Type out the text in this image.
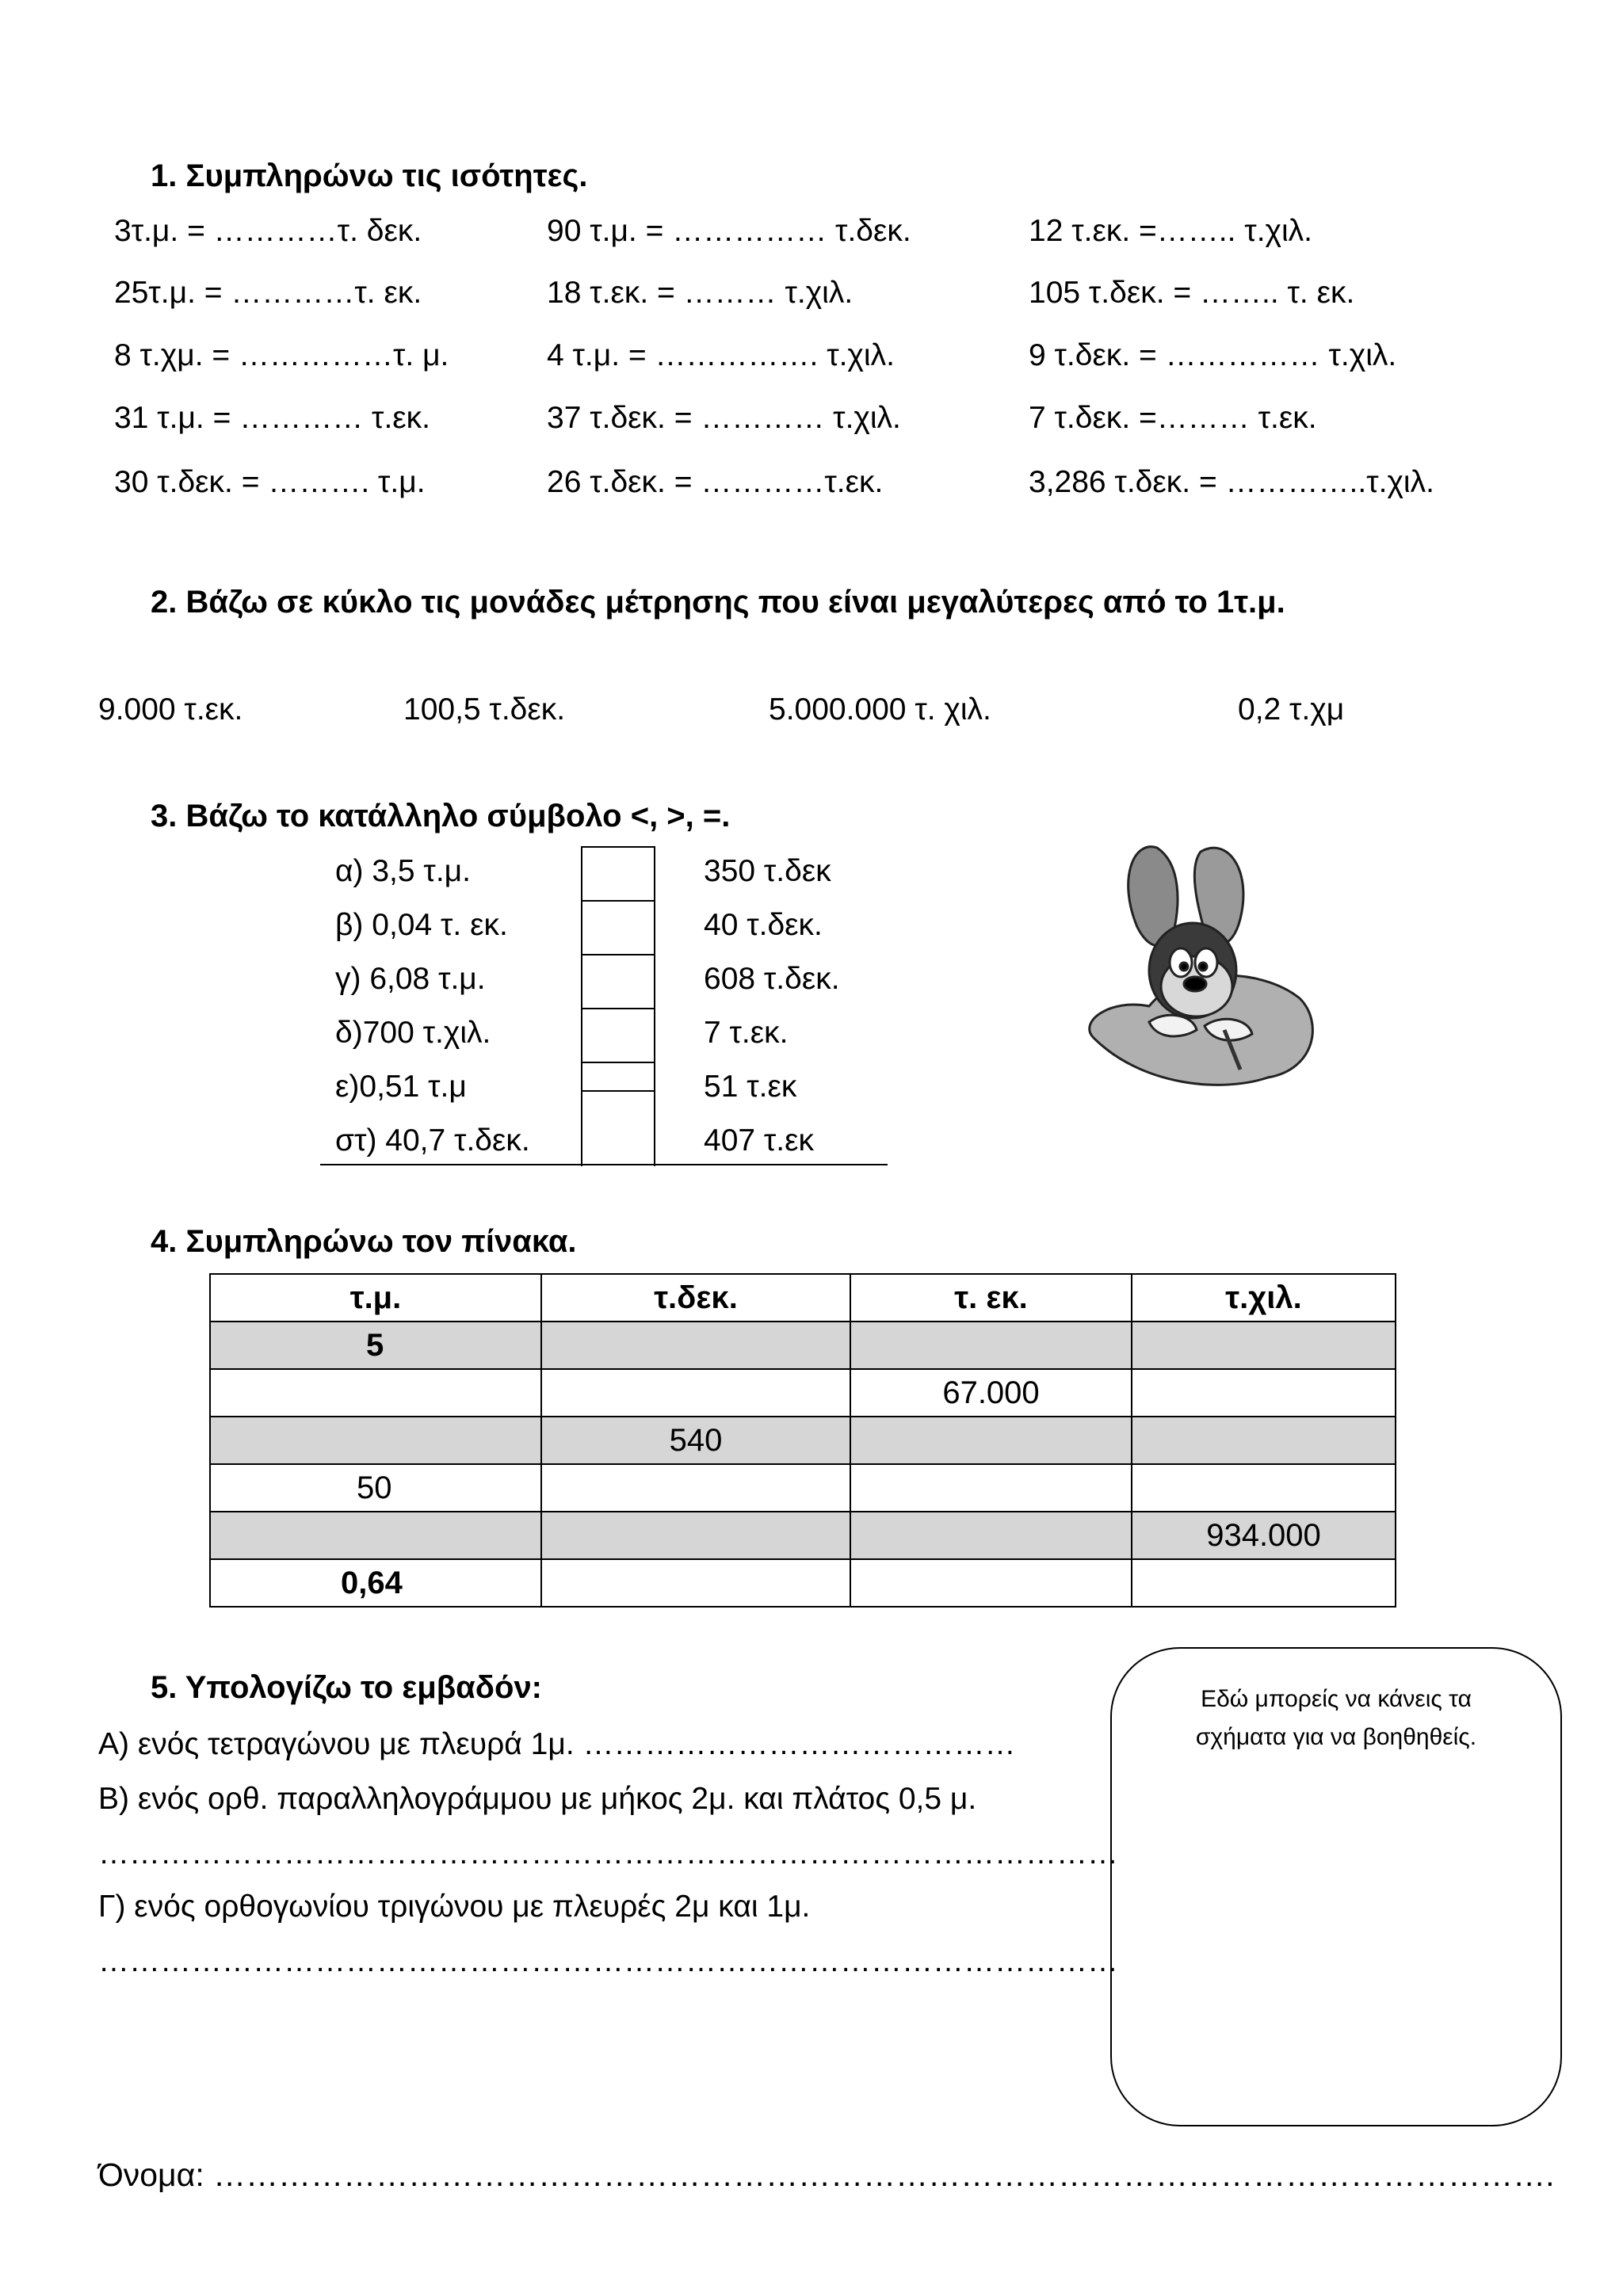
1. Συμπληρώνω τις ισότητες.
3τ.μ. = …………τ. δεκ.	90 τ.μ. = …………… τ.δεκ.	12 τ.εκ. =…….. τ.χιλ.
25τ.μ. = …………τ. εκ.	18 τ.εκ. = ……… τ.χιλ.	105 τ.δεκ. = …….. τ. εκ.
8 τ.χμ. = ……………τ. μ.	4 τ.μ. = ……………. τ.χιλ.	9 τ.δεκ. = …………… τ.χιλ.
31 τ.μ. = ………… τ.εκ.	37 τ.δεκ. = ………… τ.χιλ.	7 τ.δεκ. =……… τ.εκ.
30 τ.δεκ. = ………. τ.μ.	26 τ.δεκ. = …………τ.εκ.	3,286 τ.δεκ. = …………..τ.χιλ.
2. Βάζω σε κύκλο τις μονάδες μέτρησης που είναι μεγαλύτερες από το 1τ.μ.
9.000 τ.εκ.	100,5 τ.δεκ.	5.000.000 τ. χιλ.	0,2 τ.χμ
3. Βάζω το κατάλληλο σύμβολο <, >, =.
α) 3,5 τ.μ.	350 τ.δεκ
β) 0,04 τ. εκ.	40 τ.δεκ.
γ) 6,08 τ.μ.	608 τ.δεκ.
δ)700 τ.χιλ.	7 τ.εκ.
ε)0,51 τ.μ	51 τ.εκ
στ) 40,7 τ.δεκ.	407 τ.εκ
4. Συμπληρώνω τον πίνακα.
τ.μ.	τ.δεκ.	τ. εκ.	τ.χιλ.
5			
		67.000	
	540		
50			
			934.000
0,64			
5. Υπολογίζω το εμβαδόν:
Α) ενός τετραγώνου με πλευρά 1μ. ……………………………………
Β) ενός ορθ. παραλληλογράμμου με μήκος 2μ. και πλάτος 0,5 μ.
………………………………………………………………………………………
Γ) ενός ορθογωνίου τριγώνου με πλευρές 2μ και 1μ.
………………………………………………………………………………………
Εδώ μπορείς να κάνεις τα
σχήματα για να βοηθηθείς.
Όνομα: …………………………………………………………………………………………………………….
